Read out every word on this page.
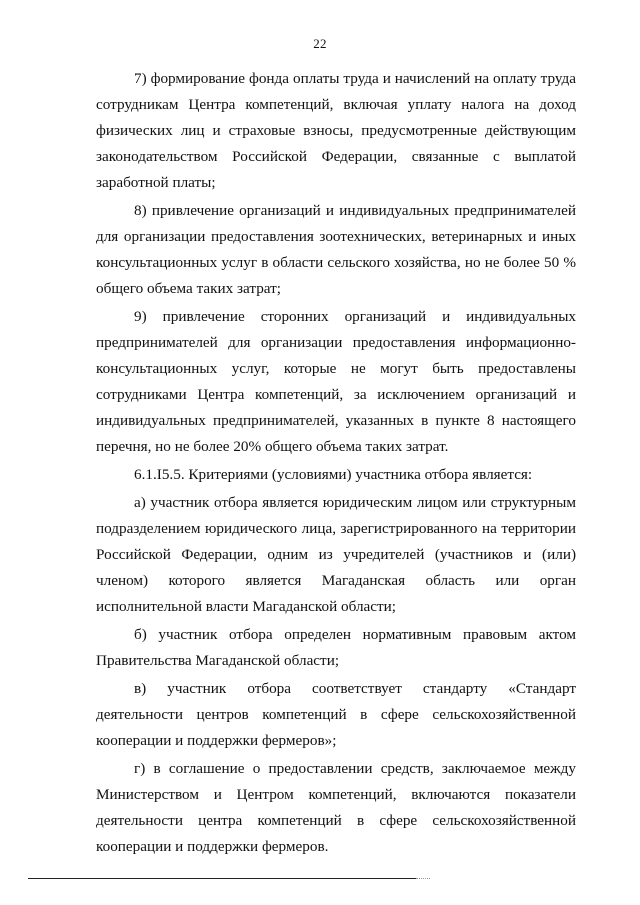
22

7) формирование фонда оплаты труда и начислений на оплату труда сотрудникам Центра компетенций, включая уплату налога на доход физических лиц и страховые взносы, предусмотренные действующим законодательством Российской Федерации, связанные с выплатой заработной платы;

8) привлечение организаций и индивидуальных предпринимателей для организации предоставления зоотехнических, ветеринарных и иных консультационных услуг в области сельского хозяйства, но не более 50 % общего объема таких затрат;

9) привлечение сторонних организаций и индивидуальных предпринимателей для организации предоставления информационно-консультационных услуг, которые не могут быть предоставлены сотрудниками Центра компетенций, за исключением организаций и индивидуальных предпринимателей, указанных в пункте 8 настоящего перечня, но не более 20% общего объема таких затрат.

6.1.I5.5. Критериями (условиями) участника отбора является:

а) участник отбора является юридическим лицом или структурным подразделением юридического лица, зарегистрированного на территории Российской Федерации, одним из учредителей (участников и (или) членом) которого является Магаданская область или орган исполнительной власти Магаданской области;

б) участник отбора определен нормативным правовым актом Правительства Магаданской области;

в) участник отбора соответствует стандарту «Стандарт деятельности центров компетенций в сфере сельскохозяйственной кооперации и поддержки фермеров»;

г) в соглашение о предоставлении средств, заключаемое между Министерством и Центром компетенций, включаются показатели деятельности центра компетенций в сфере сельскохозяйственной кооперации и поддержки фермеров.
